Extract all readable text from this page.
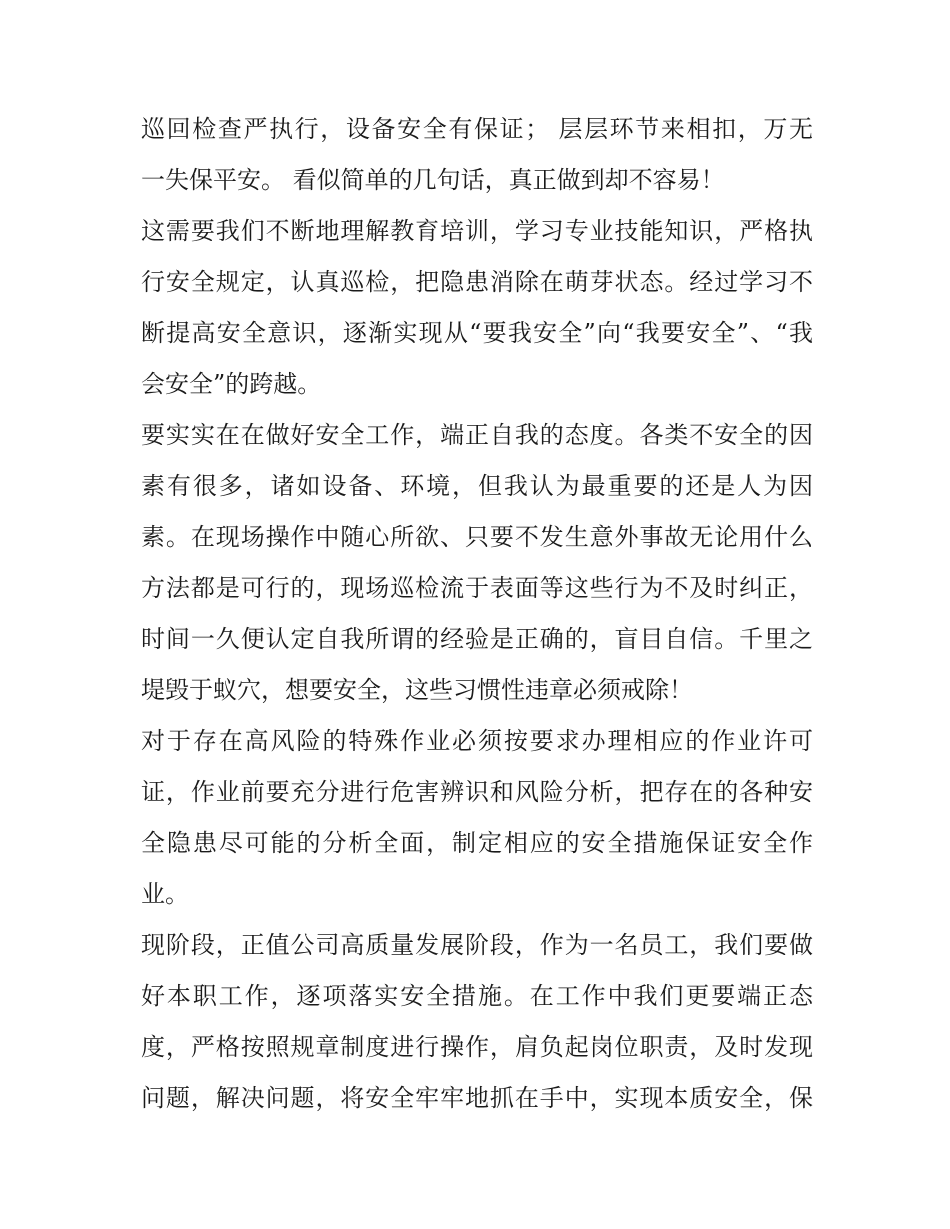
巡回检查严执行，设备安全有保证； 层层环节来相扣，万无
一失保平安。 看似简单的几句话，真正做到却不容易！
这需要我们不断地理解教育培训，学习专业技能知识，严格执
行安全规定，认真巡检，把隐患消除在萌芽状态。经过学习不
断提高安全意识，逐渐实现从“要我安全”向“我要安全”、“我
会安全”的跨越。
要实实在在做好安全工作，端正自我的态度。各类不安全的因
素有很多，诸如设备、环境，但我认为最重要的还是人为因
素。在现场操作中随心所欲、只要不发生意外事故无论用什么
方法都是可行的，现场巡检流于表面等这些行为不及时纠正，
时间一久便认定自我所谓的经验是正确的，盲目自信。千里之
堤毁于蚁穴，想要安全，这些习惯性违章必须戒除！
对于存在高风险的特殊作业必须按要求办理相应的作业许可
证，作业前要充分进行危害辨识和风险分析，把存在的各种安
全隐患尽可能的分析全面，制定相应的安全措施保证安全作
业。
现阶段，正值公司高质量发展阶段，作为一名员工，我们要做
好本职工作，逐项落实安全措施。在工作中我们更要端正态
度，严格按照规章制度进行操作，肩负起岗位职责，及时发现
问题，解决问题，将安全牢牢地抓在手中，实现本质安全，保
